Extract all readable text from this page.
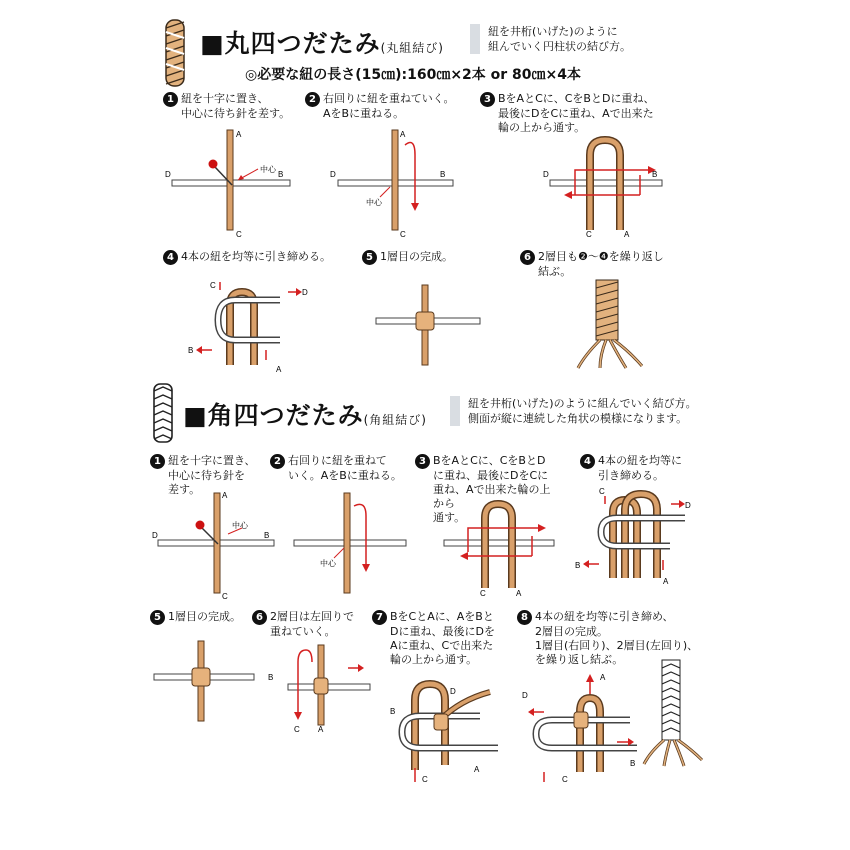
■丸四つだたみ(丸組結び)
紐を井桁(いげた)のように
組んでいく円柱状の結び方。
◎必要な紐の長さ(15㎝):160㎝×2本 or 80㎝×4本
1 紐を十字に置き、
中心に待ち針を差す。
2 右回りに紐を重ねていく。
AをBに重ねる。
3 BをAとCに、CをBとDに重ね、
最後にDをCに重ね、Aで出来た
輪の上から通す。
4 4本の紐を均等に引き締める。	5 1層目の完成。	6 2層目も❷〜❹を繰り返し
結ぶ。
中心
A
B
C
D
中心
A
B
C
D	D	B
C	A
C
D
B
A
■角四つだたみ(角組結び)
紐を井桁(いげた)のように組んでいく結び方。
側面が縦に連続した角状の模様になります。
1 紐を十字に置き、
中心に待ち針を
差す。
2 右回りに紐を重ねて
いく。AをBに重ねる。
3 BをAとCに、CをBとD
に重ね、最後にDをCに
重ね、Aで出来た輪の上
から
通す。
4 4本の紐を均等に
引き締める。
5 1層目の完成。	6 2層目は左回りで
重ねていく。
7 BをCとAに、AをBと
Dに重ね、最後にDを
Aに重ね、Cで出来た
輪の上から通す。
8 4本の紐を均等に引き締め、
2層目の完成。
1層目(右回り)、2層目(左回り)、
を繰り返し結ぶ。
中心
A
B
C
D
中心
C	A
C
D
B
A
B
C A
B
D
C
A
A
D
B
C
